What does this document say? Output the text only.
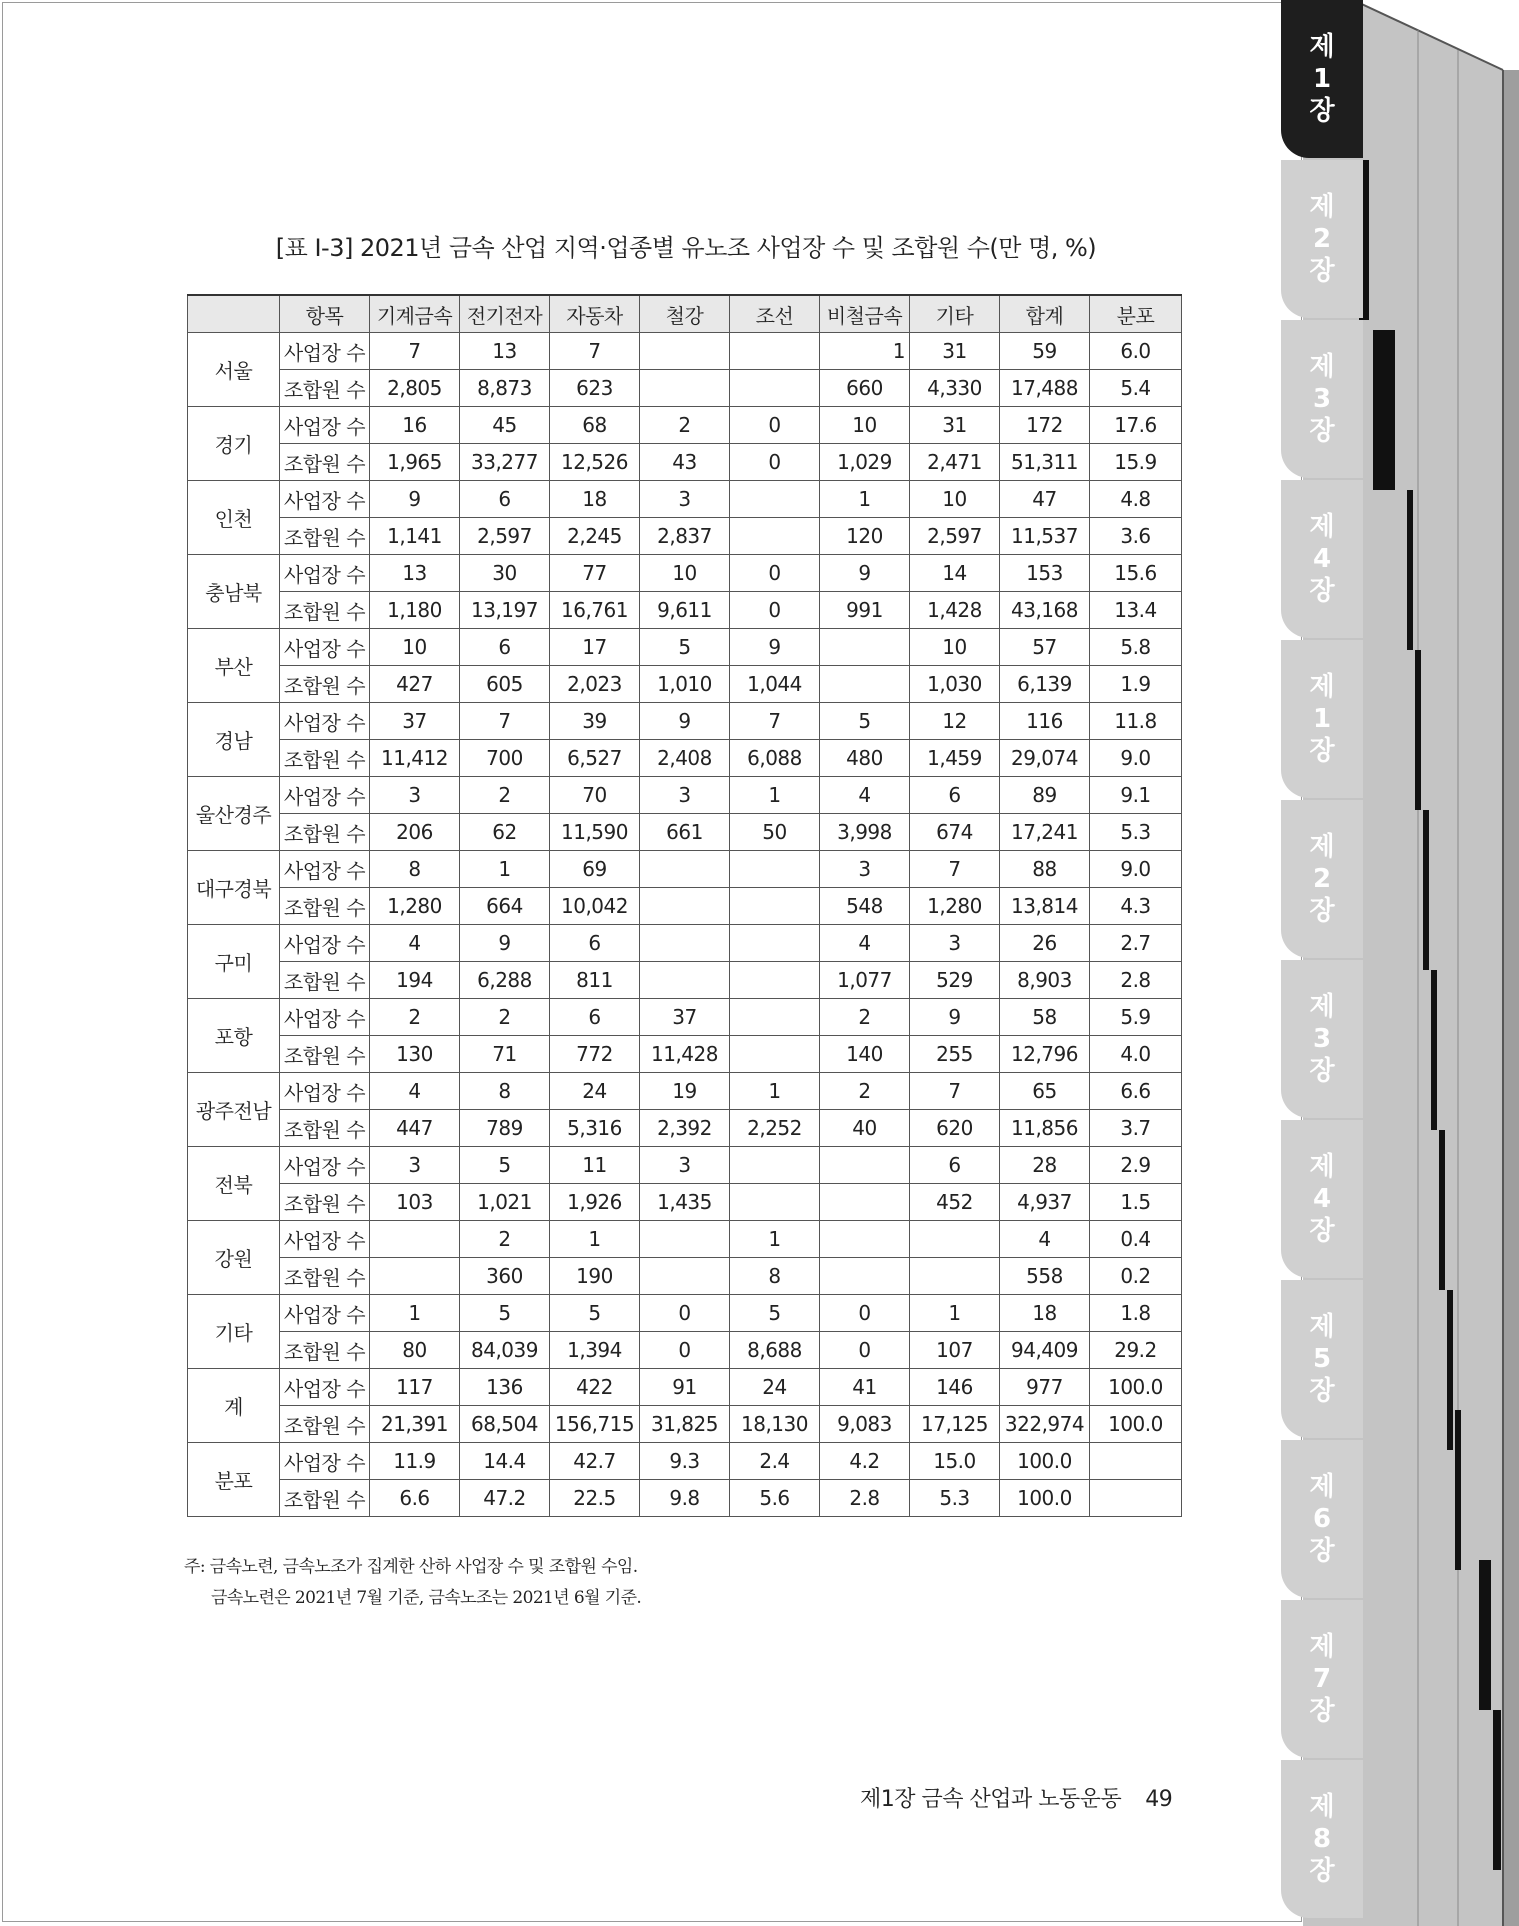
[표 Ⅰ-3] 2021년 금속 산업 지역·업종별 유노조 사업장 수 및 조합원 수(만 명, %)
	항목	기계금속	전기전자	자동차	철강	조선	비철금속	기타	합계	분포
서울	사업장 수	7	13	7			1	31	59	6.0
	조합원 수	2,805	8,873	623			660	4,330	17,488	5.4
경기	사업장 수	16	45	68	2	0	10	31	172	17.6
	조합원 수	1,965	33,277	12,526	43	0	1,029	2,471	51,311	15.9
인천	사업장 수	9	6	18	3		1	10	47	4.8
	조합원 수	1,141	2,597	2,245	2,837		120	2,597	11,537	3.6
충남북	사업장 수	13	30	77	10	0	9	14	153	15.6
	조합원 수	1,180	13,197	16,761	9,611	0	991	1,428	43,168	13.4
부산	사업장 수	10	6	17	5	9		10	57	5.8
	조합원 수	427	605	2,023	1,010	1,044		1,030	6,139	1.9
경남	사업장 수	37	7	39	9	7	5	12	116	11.8
	조합원 수	11,412	700	6,527	2,408	6,088	480	1,459	29,074	9.0
울산경주	사업장 수	3	2	70	3	1	4	6	89	9.1
	조합원 수	206	62	11,590	661	50	3,998	674	17,241	5.3
대구경북	사업장 수	8	1	69			3	7	88	9.0
	조합원 수	1,280	664	10,042			548	1,280	13,814	4.3
구미	사업장 수	4	9	6			4	3	26	2.7
	조합원 수	194	6,288	811			1,077	529	8,903	2.8
포항	사업장 수	2	2	6	37		2	9	58	5.9
	조합원 수	130	71	772	11,428		140	255	12,796	4.0
광주전남	사업장 수	4	8	24	19	1	2	7	65	6.6
	조합원 수	447	789	5,316	2,392	2,252	40	620	11,856	3.7
전북	사업장 수	3	5	11	3			6	28	2.9
	조합원 수	103	1,021	1,926	1,435			452	4,937	1.5
강원	사업장 수		2	1		1			4	0.4
	조합원 수		360	190		8			558	0.2
기타	사업장 수	1	5	5	0	5	0	1	18	1.8
	조합원 수	80	84,039	1,394	0	8,688	0	107	94,409	29.2
계	사업장 수	117	136	422	91	24	41	146	977	100.0
	조합원 수	21,391	68,504	156,715	31,825	18,130	9,083	17,125	322,974	100.0
분포	사업장 수	11.9	14.4	42.7	9.3	2.4	4.2	15.0	100.0	
	조합원 수	6.6	47.2	22.5	9.8	5.6	2.8	5.3	100.0	
주: 금속노련, 금속노조가 집계한 산하 사업장 수 및 조합원 수임.
금속노련은 2021년 7월 기준, 금속노조는 2021년 6월 기준.
제1장 금속 산업과 노동운동 49
제1장
제2장
제3장
제4장
제1장
제2장
제3장
제4장
제5장
제6장
제7장
제8장
